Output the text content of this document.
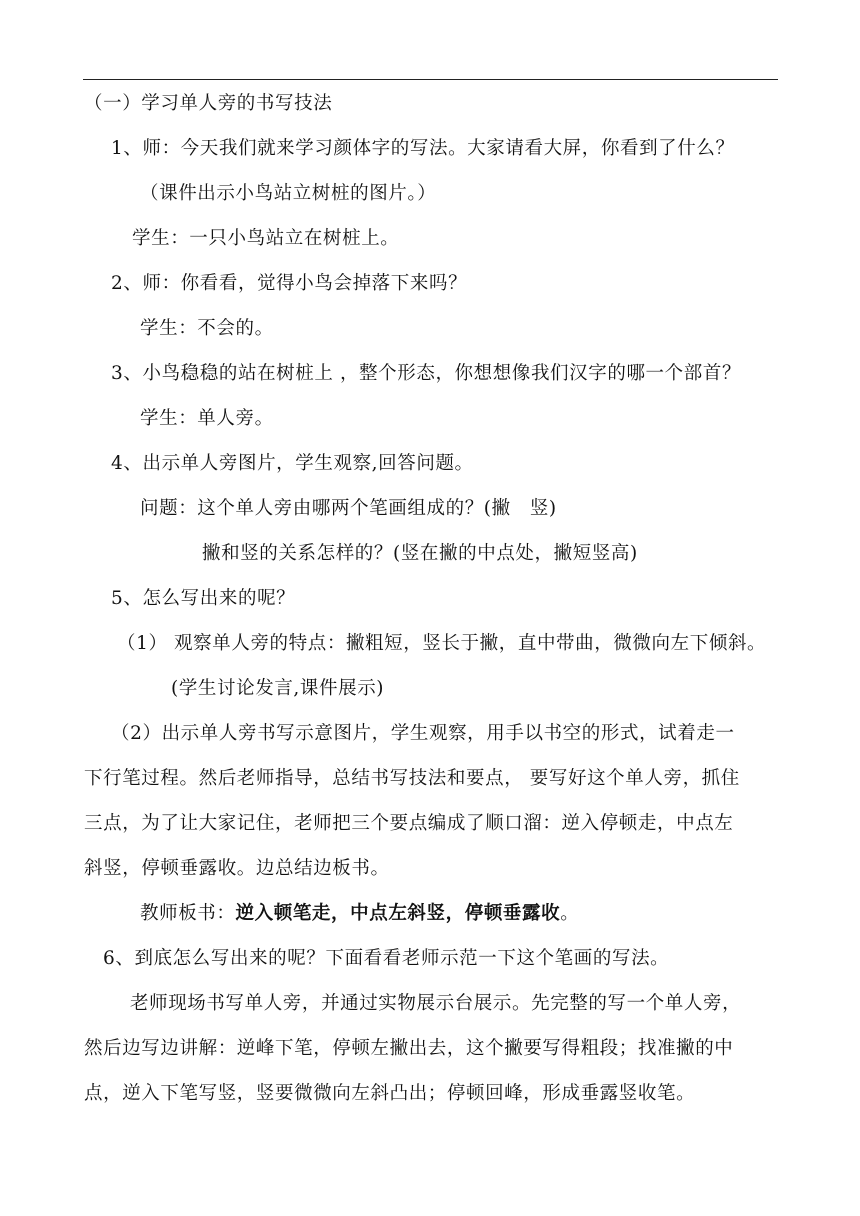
（一）学习单人旁的书写技法
1、师：今天我们就来学习颜体字的写法。大家请看大屏，你看到了什么？
（课件出示小鸟站立树桩的图片。）
学生：一只小鸟站立在树桩上。
2、师：你看看，觉得小鸟会掉落下来吗？
学生：不会的。
3、小鸟稳稳的站在树桩上 ，整个形态，你想想像我们汉字的哪一个部首？
学生：单人旁。
4、出示单人旁图片，学生观察,回答问题。
问题：这个单人旁由哪两个笔画组成的？(撇　竖)
撇和竖的关系怎样的？(竖在撇的中点处，撇短竖高)
5、怎么写出来的呢？
（1） 观察单人旁的特点：撇粗短，竖长于撇，直中带曲，微微向左下倾斜。
(学生讨论发言,课件展示)
（2）出示单人旁书写示意图片，学生观察，用手以书空的形式，试着走一
下行笔过程。然后老师指导，总结书写技法和要点， 要写好这个单人旁，抓住
三点，为了让大家记住，老师把三个要点编成了顺口溜：逆入停顿走，中点左
斜竖，停顿垂露收。边总结边板书。
教师板书：逆入顿笔走，中点左斜竖，停顿垂露收。
6、到底怎么写出来的呢？下面看看老师示范一下这个笔画的写法。
老师现场书写单人旁，并通过实物展示台展示。先完整的写一个单人旁，
然后边写边讲解：逆峰下笔，停顿左撇出去，这个撇要写得粗段；找准撇的中
点，逆入下笔写竖，竖要微微向左斜凸出；停顿回峰，形成垂露竖收笔。
